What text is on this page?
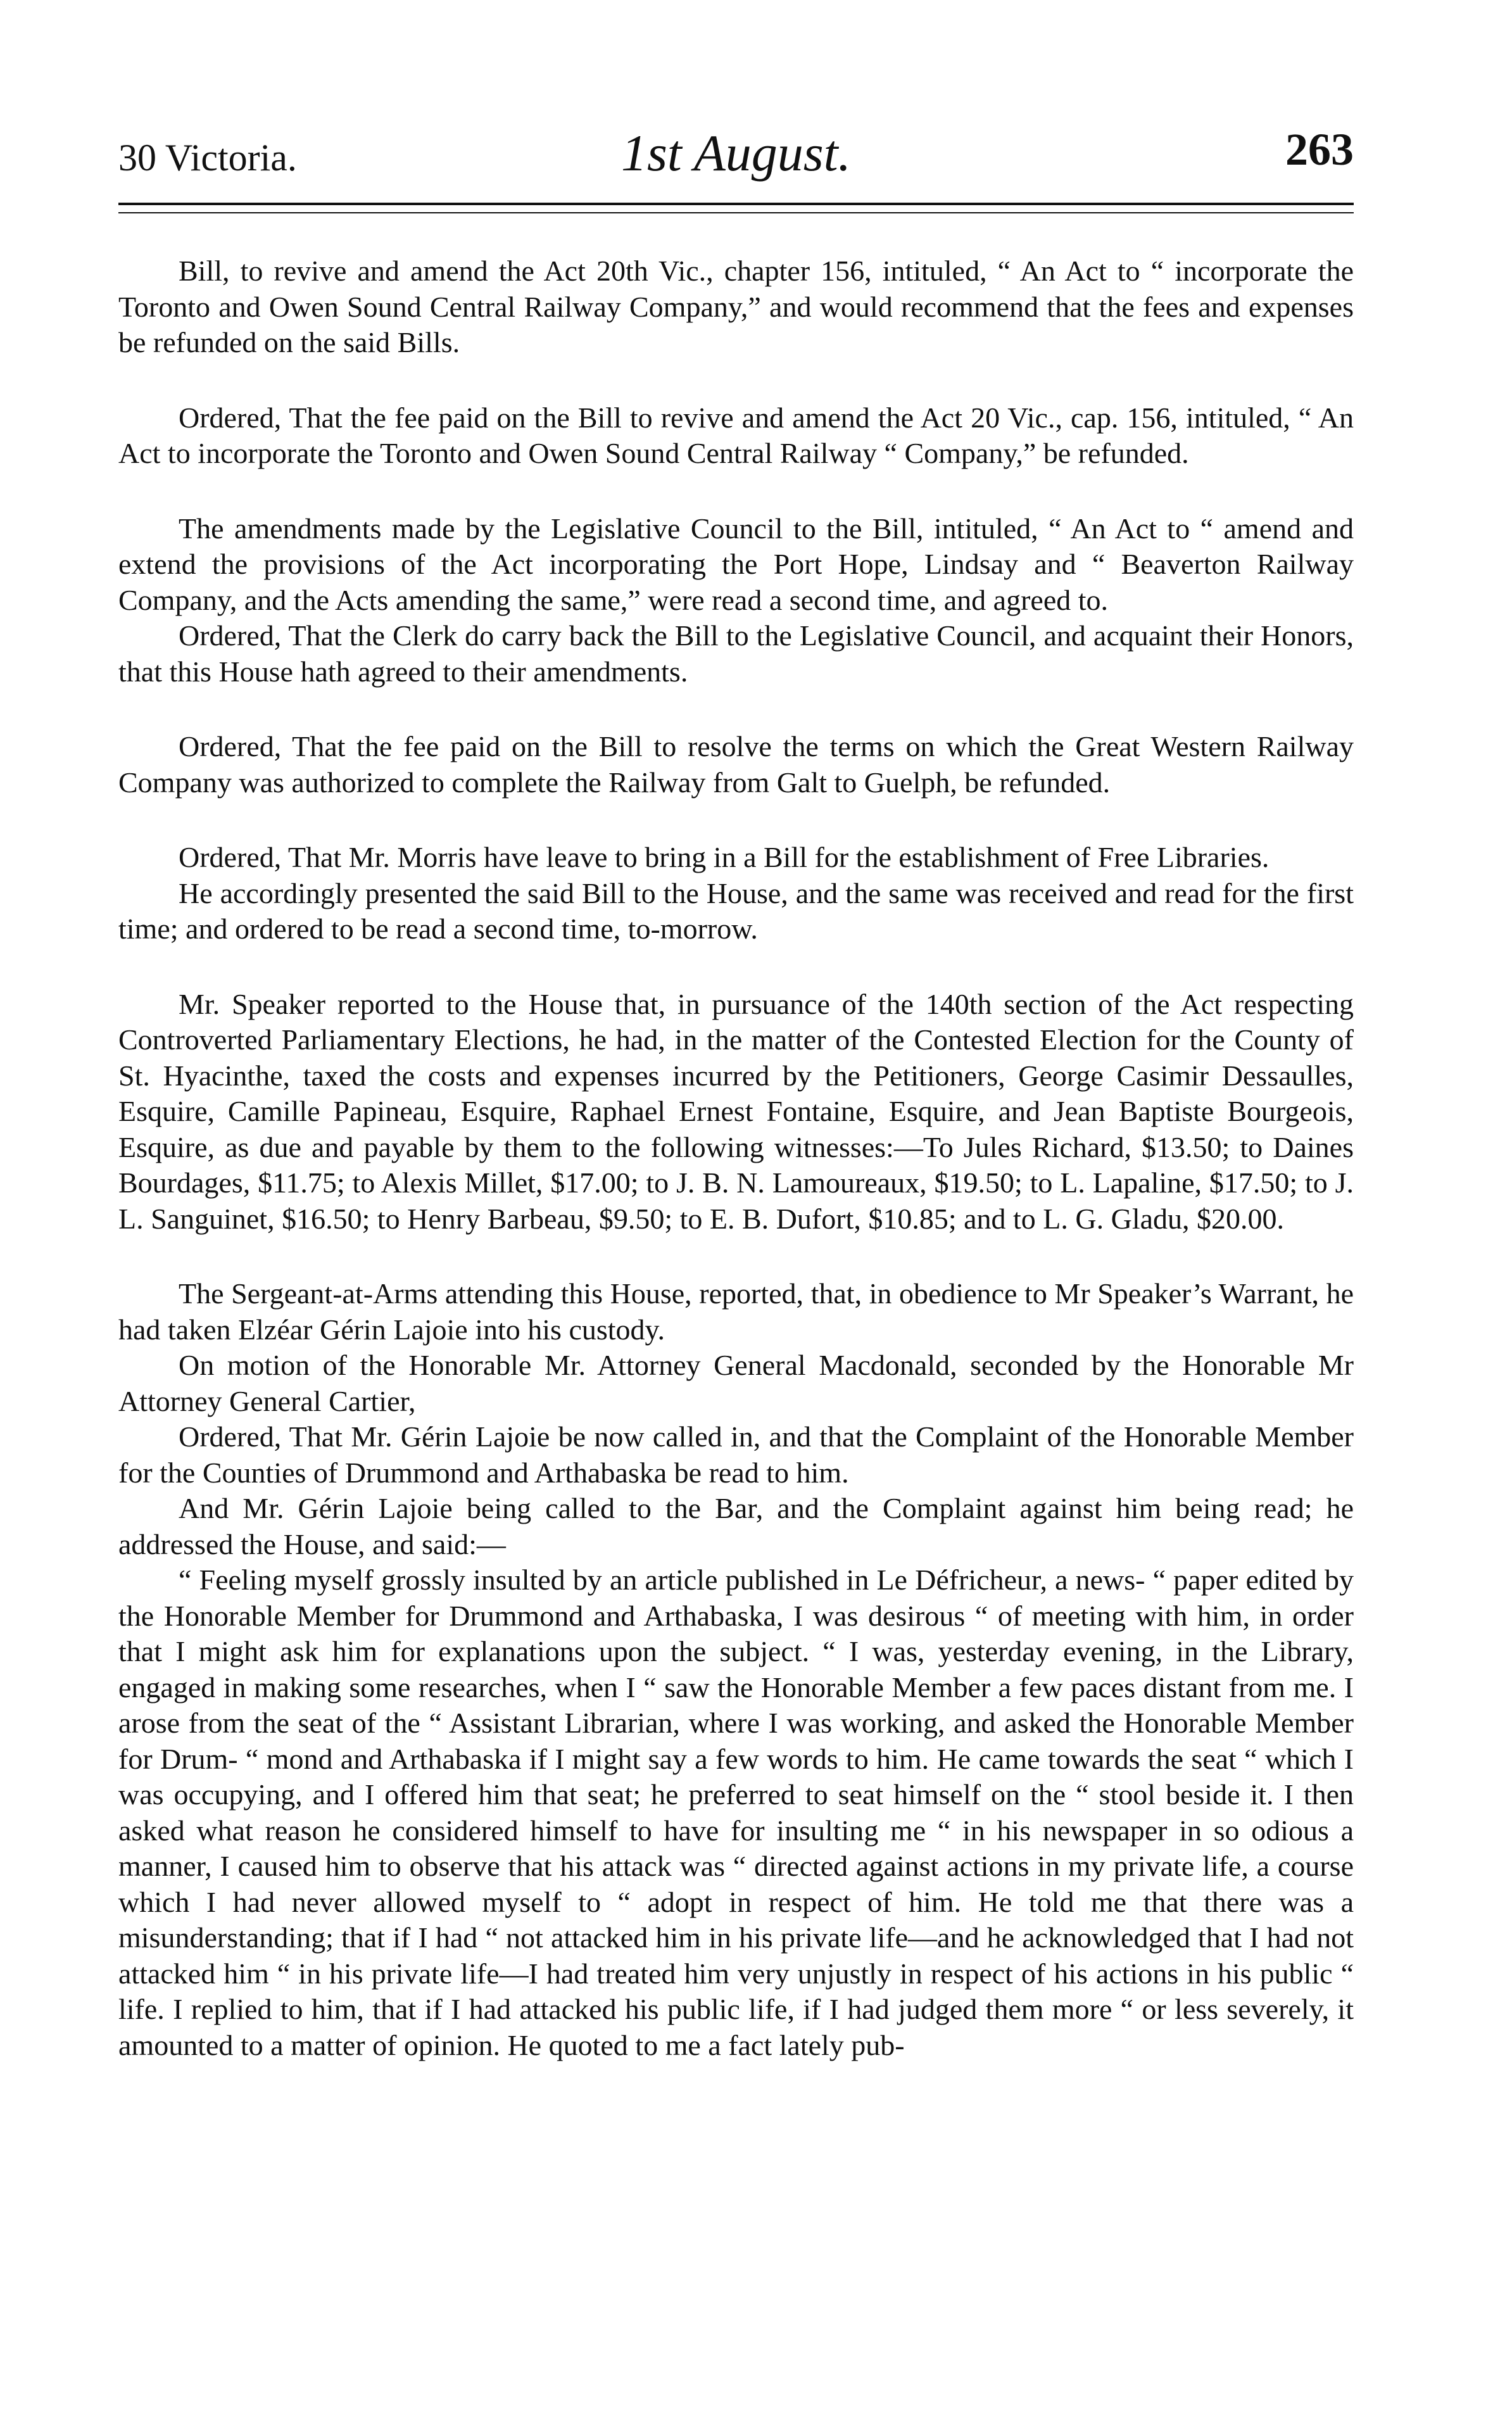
30 Victoria.	1st August.	263

Bill, to revive and amend the Act 20th Vic., chapter 156, intituled, “ An Act to “ incorporate the Toronto and Owen Sound Central Railway Company,” and would recommend that the fees and expenses be refunded on the said Bills.

Ordered, That the fee paid on the Bill to revive and amend the Act 20 Vic., cap. 156, intituled, “ An Act to incorporate the Toronto and Owen Sound Central Railway “ Company,” be refunded.

The amendments made by the Legislative Council to the Bill, intituled, “ An Act to “ amend and extend the provisions of the Act incorporating the Port Hope, Lindsay and “ Beaverton Railway Company, and the Acts amending the same,” were read a second time, and agreed to.

Ordered, That the Clerk do carry back the Bill to the Legislative Council, and acquaint their Honors, that this House hath agreed to their amendments.

Ordered, That the fee paid on the Bill to resolve the terms on which the Great Western Railway Company was authorized to complete the Railway from Galt to Guelph, be refunded.

Ordered, That Mr. Morris have leave to bring in a Bill for the establishment of Free Libraries.

He accordingly presented the said Bill to the House, and the same was received and read for the first time; and ordered to be read a second time, to-morrow.

Mr. Speaker reported to the House that, in pursuance of the 140th section of the Act respecting Controverted Parliamentary Elections, he had, in the matter of the Contested Election for the County of St. Hyacinthe, taxed the costs and expenses incurred by the Petitioners, George Casimir Dessaulles, Esquire, Camille Papineau, Esquire, Raphael Ernest Fontaine, Esquire, and Jean Baptiste Bourgeois, Esquire, as due and payable by them to the following witnesses:—To Jules Richard, $13.50; to Daines Bourdages, $11.75; to Alexis Millet, $17.00; to J. B. N. Lamoureaux, $19.50; to L. Lapaline, $17.50; to J. L. Sanguinet, $16.50; to Henry Barbeau, $9.50; to E. B. Dufort, $10.85; and to L. G. Gladu, $20.00.

The Sergeant-at-Arms attending this House, reported, that, in obedience to Mr Speaker’s Warrant, he had taken Elzéar Gérin Lajoie into his custody.

On motion of the Honorable Mr. Attorney General Macdonald, seconded by the Honorable Mr Attorney General Cartier,

Ordered, That Mr. Gérin Lajoie be now called in, and that the Complaint of the Honorable Member for the Counties of Drummond and Arthabaska be read to him.

And Mr. Gérin Lajoie being called to the Bar, and the Complaint against him being read; he addressed the House, and said:—

“ Feeling myself grossly insulted by an article published in Le Défricheur, a news- “ paper edited by the Honorable Member for Drummond and Arthabaska, I was desirous “ of meeting with him, in order that I might ask him for explanations upon the subject. “ I was, yesterday evening, in the Library, engaged in making some researches, when I “ saw the Honorable Member a few paces distant from me. I arose from the seat of the “ Assistant Librarian, where I was working, and asked the Honorable Member for Drum- “ mond and Arthabaska if I might say a few words to him. He came towards the seat “ which I was occupying, and I offered him that seat; he preferred to seat himself on the “ stool beside it. I then asked what reason he considered himself to have for insulting me “ in his newspaper in so odious a manner, I caused him to observe that his attack was “ directed against actions in my private life, a course which I had never allowed myself to “ adopt in respect of him. He told me that there was a misunderstanding; that if I had “ not attacked him in his private life—and he acknowledged that I had not attacked him “ in his private life—I had treated him very unjustly in respect of his actions in his public “ life. I replied to him, that if I had attacked his public life, if I had judged them more “ or less severely, it amounted to a matter of opinion. He quoted to me a fact lately pub-
